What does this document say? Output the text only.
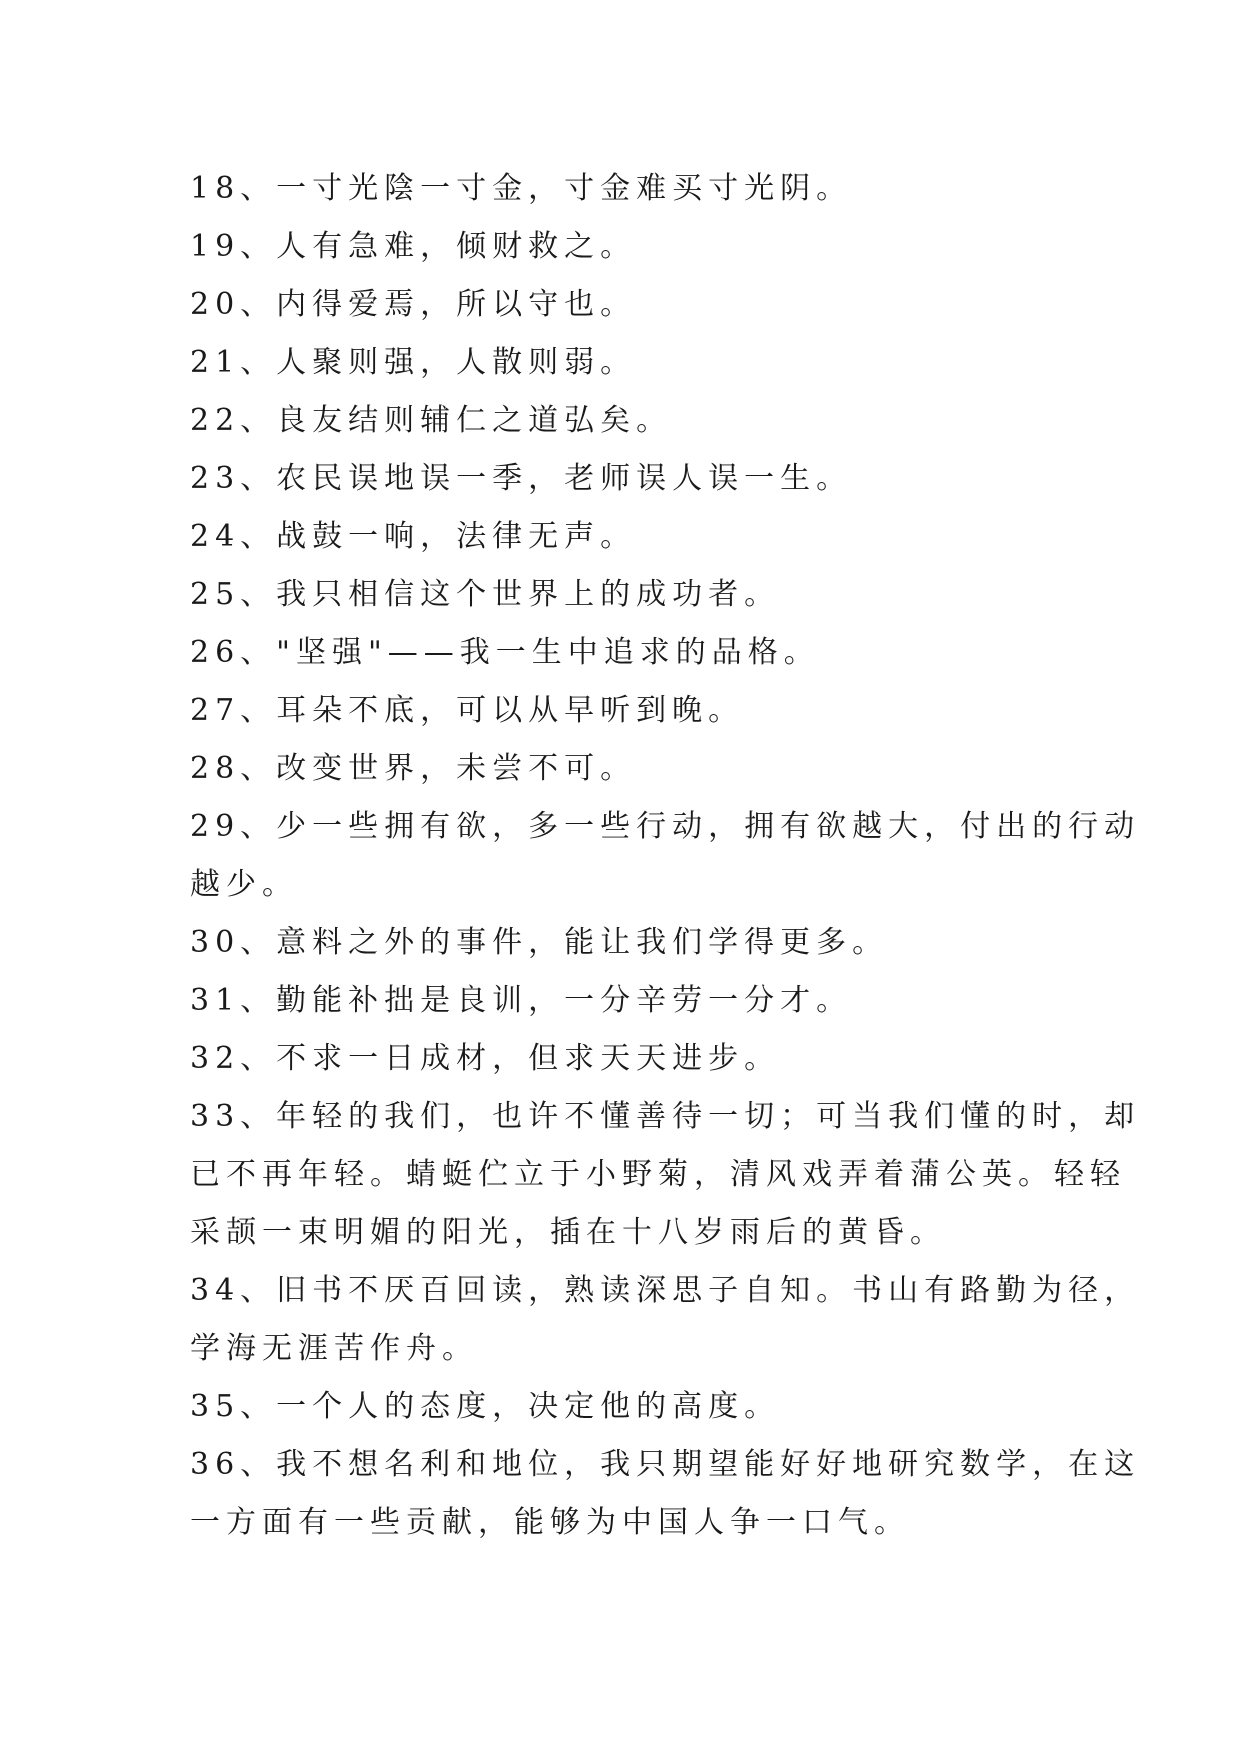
18、一寸光陰一寸金，寸金难买寸光阴。
19、人有急难，倾财救之。
20、内得爱焉，所以守也。
21、人聚则强，人散则弱。
22、良友结则辅仁之道弘矣。
23、农民误地误一季，老师误人误一生。
24、战鼓一响，法律无声。
25、我只相信这个世界上的成功者。
26、"坚强"——我一生中追求的品格。
27、耳朵不底，可以从早听到晚。
28、改变世界，未尝不可。
29、少一些拥有欲，多一些行动，拥有欲越大，付出的行动
越少。
30、意料之外的事件，能让我们学得更多。
31、勤能补拙是良训，一分辛劳一分才。
32、不求一日成材，但求天天进步。
33、年轻的我们，也许不懂善待一切；可当我们懂的时，却
已不再年轻。蜻蜓伫立于小野菊，清风戏弄着蒲公英。轻轻
采颉一束明媚的阳光，插在十八岁雨后的黄昏。
34、旧书不厌百回读，熟读深思子自知。书山有路勤为径，
学海无涯苦作舟。
35、一个人的态度，决定他的高度。
36、我不想名利和地位，我只期望能好好地研究数学，在这
一方面有一些贡献，能够为中国人争一口气。
